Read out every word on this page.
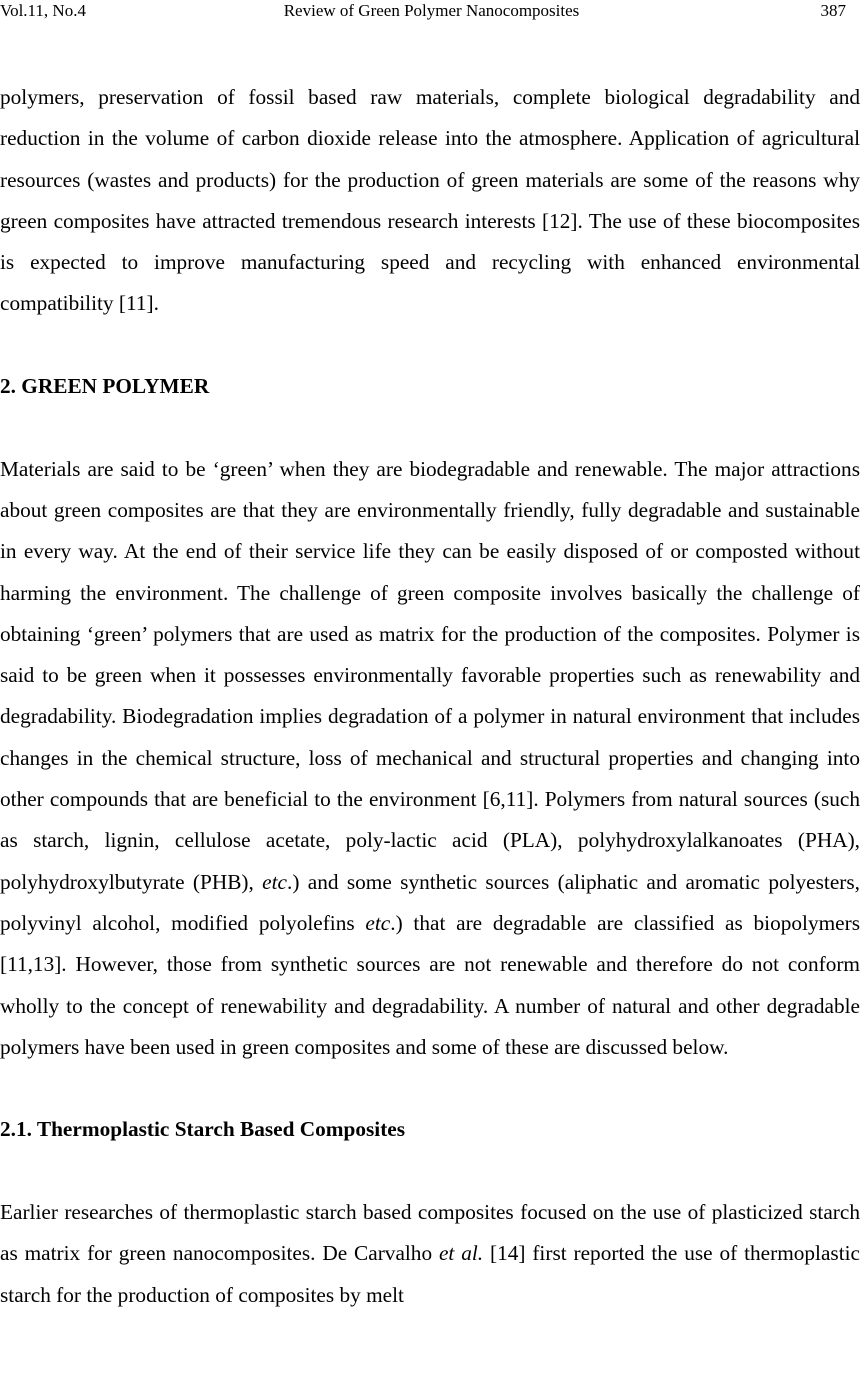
Review of Green Polymer Nanocomposites
Vol.11, No.4	387

polymers, preservation of fossil based raw materials, complete biological degradability and reduction in the volume of carbon dioxide release into the atmosphere. Application of agricultural resources (wastes and products) for the production of green materials are some of the reasons why green composites have attracted tremendous research interests [12]. The use of these biocomposites is expected to improve manufacturing speed and recycling with enhanced environmental compatibility [11].

2. GREEN POLYMER

Materials are said to be ‘green’ when they are biodegradable and renewable. The major attractions about green composites are that they are environmentally friendly, fully degradable and sustainable in every way. At the end of their service life they can be easily disposed of or composted without harming the environment. The challenge of green composite involves basically the challenge of obtaining ‘green’ polymers that are used as matrix for the production of the composites. Polymer is said to be green when it possesses environmentally favorable properties such as renewability and degradability. Biodegradation implies degradation of a polymer in natural environment that includes changes in the chemical structure, loss of mechanical and structural properties and changing into other compounds that are beneficial to the environment [6,11]. Polymers from natural sources (such as starch, lignin, cellulose acetate, poly-lactic acid (PLA), polyhydroxylalkanoates (PHA), polyhydroxylbutyrate (PHB), etc.) and some synthetic sources (aliphatic and aromatic polyesters, polyvinyl alcohol, modified polyolefins etc.) that are degradable are classified as biopolymers [11,13]. However, those from synthetic sources are not renewable and therefore do not conform wholly to the concept of renewability and degradability. A number of natural and other degradable polymers have been used in green composites and some of these are discussed below.

2.1. Thermoplastic Starch Based Composites

Earlier researches of thermoplastic starch based composites focused on the use of plasticized starch as matrix for green nanocomposites. De Carvalho et al. [14] first reported the use of thermoplastic starch for the production of composites by melt
